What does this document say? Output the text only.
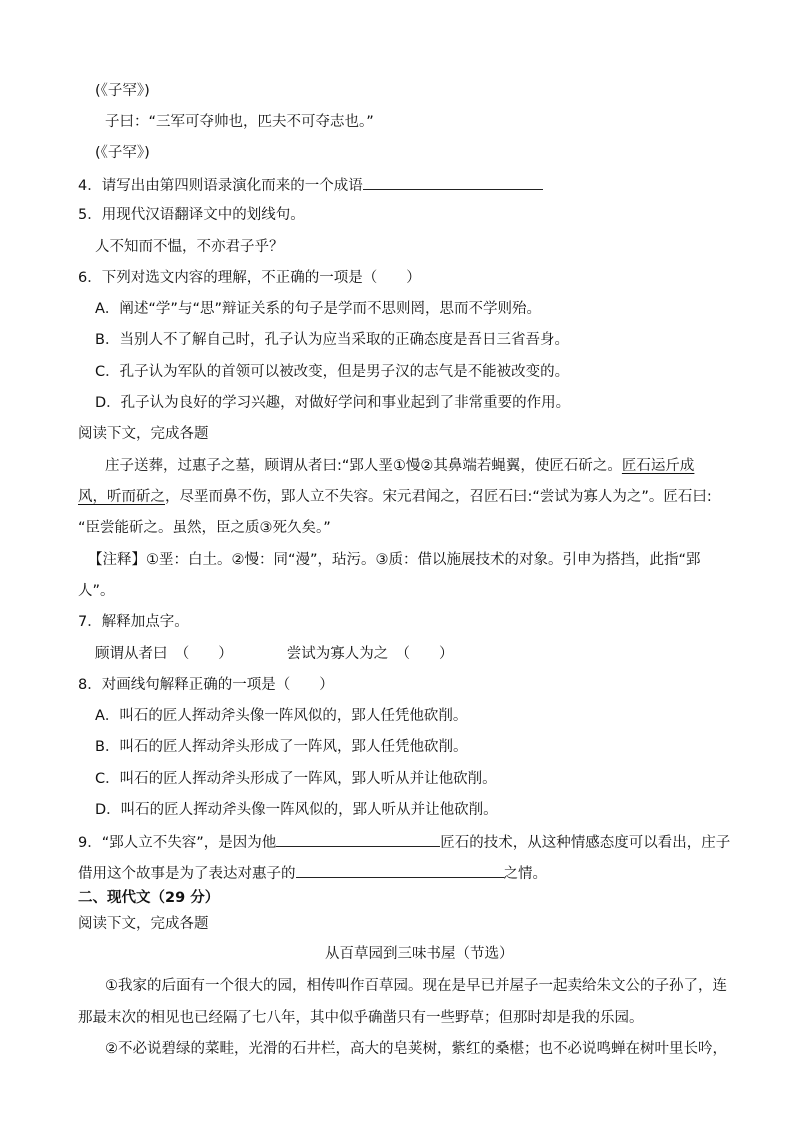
(《子罕》)
子曰：“三军可夺帅也，匹夫不可夺志也。”
(《子罕》)
4．请写出由第四则语录演化而来的一个成语
5．用现代汉语翻译文中的划线句。
人不知而不愠，不亦君子乎？
6．下列对选文内容的理解，不正确的一项是（　　）
A．阐述“学”与“思”辩证关系的句子是学而不思则罔，思而不学则殆。
B．当别人不了解自己时，孔子认为应当采取的正确态度是吾日三省吾身。
C．孔子认为军队的首领可以被改变，但是男子汉的志气是不能被改变的。
D．孔子认为良好的学习兴趣，对做好学问和事业起到了非常重要的作用。
阅读下文，完成各题
庄子送葬，过惠子之墓，顾谓从者曰:“郢人垩①慢②其鼻端若蝇翼，使匠石斫之。匠石运斤成
风，听而斫之，尽垩而鼻不伤，郢人立不失容。宋元君闻之，召匠石曰:“尝试为寡人为之”。匠石曰:
“臣尝能斫之。虽然，臣之质③死久矣。”
【注释】①垩：白土。②慢：同“漫”，玷污。③质：借以施展技术的对象。引申为搭挡，此指“郢
人”。
7．解释加点字。
顾谓从者曰　（　　）	尝试为寡人为之　（　　）
8．对画线句解释正确的一项是（　　）
A．叫石的匠人挥动斧头像一阵风似的，郢人任凭他砍削。
B．叫石的匠人挥动斧头形成了一阵风，郢人任凭他砍削。
C．叫石的匠人挥动斧头形成了一阵风，郢人听从并让他砍削。
D．叫石的匠人挥动斧头像一阵风似的，郢人听从并让他砍削。
9．“郢人立不失容”，是因为他	匠石的技术，从这种情感态度可以看出，庄子
借用这个故事是为了表达对惠子的	之情。
二、现代文（29 分）
阅读下文，完成各题
从百草园到三味书屋（节选）
①我家的后面有一个很大的园，相传叫作百草园。现在是早已并屋子一起卖给朱文公的子孙了，连
那最末次的相见也已经隔了七八年，其中似乎确凿只有一些野草；但那时却是我的乐园。
②不必说碧绿的菜畦，光滑的石井栏，高大的皂荚树，紫红的桑椹；也不必说鸣蝉在树叶里长吟，
